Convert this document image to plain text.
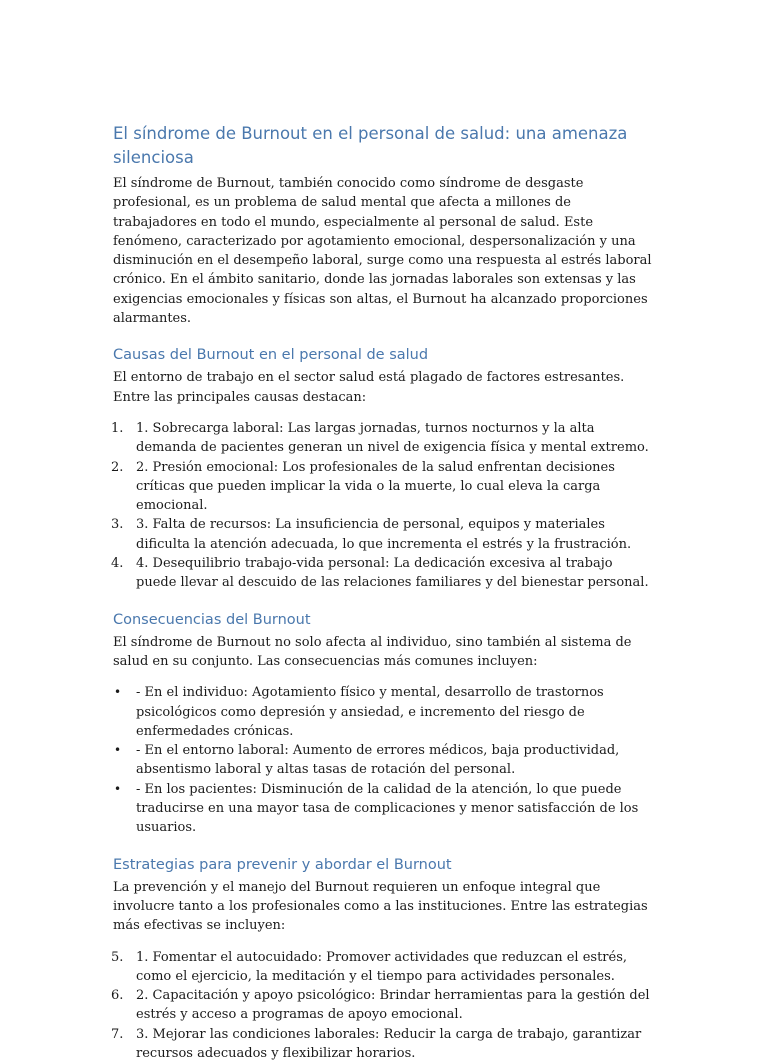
El síndrome de Burnout en el personal de salud: una amenaza silenciosa

El síndrome de Burnout, también conocido como síndrome de desgaste profesional, es un problema de salud mental que afecta a millones de trabajadores en todo el mundo, especialmente al personal de salud. Este fenómeno, caracterizado por agotamiento emocional, despersonalización y una disminución en el desempeño laboral, surge como una respuesta al estrés laboral crónico. En el ámbito sanitario, donde las jornadas laborales son extensas y las exigencias emocionales y físicas son altas, el Burnout ha alcanzado proporciones alarmantes.

Causas del Burnout en el personal de salud

El entorno de trabajo en el sector salud está plagado de factores estresantes. Entre las principales causas destacan:

1. 1. Sobrecarga laboral: Las largas jornadas, turnos nocturnos y la alta demanda de pacientes generan un nivel de exigencia física y mental extremo.
2. 2. Presión emocional: Los profesionales de la salud enfrentan decisiones críticas que pueden implicar la vida o la muerte, lo cual eleva la carga emocional.
3. 3. Falta de recursos: La insuficiencia de personal, equipos y materiales dificulta la atención adecuada, lo que incrementa el estrés y la frustración.
4. 4. Desequilibrio trabajo-vida personal: La dedicación excesiva al trabajo puede llevar al descuido de las relaciones familiares y del bienestar personal.
Consecuencias del Burnout

El síndrome de Burnout no solo afecta al individuo, sino también al sistema de salud en su conjunto. Las consecuencias más comunes incluyen:

• - En el individuo: Agotamiento físico y mental, desarrollo de trastornos psicológicos como depresión y ansiedad, e incremento del riesgo de enfermedades crónicas.
• - En el entorno laboral: Aumento de errores médicos, baja productividad, absentismo laboral y altas tasas de rotación del personal.
• - En los pacientes: Disminución de la calidad de la atención, lo que puede traducirse en una mayor tasa de complicaciones y menor satisfacción de los usuarios.
Estrategias para prevenir y abordar el Burnout

La prevención y el manejo del Burnout requieren un enfoque integral que involucre tanto a los profesionales como a las instituciones. Entre las estrategias más efectivas se incluyen:

5. 1. Fomentar el autocuidado: Promover actividades que reduzcan el estrés, como el ejercicio, la meditación y el tiempo para actividades personales.
6. 2. Capacitación y apoyo psicológico: Brindar herramientas para la gestión del estrés y acceso a programas de apoyo emocional.
7. 3. Mejorar las condiciones laborales: Reducir la carga de trabajo, garantizar recursos adecuados y flexibilizar horarios.
